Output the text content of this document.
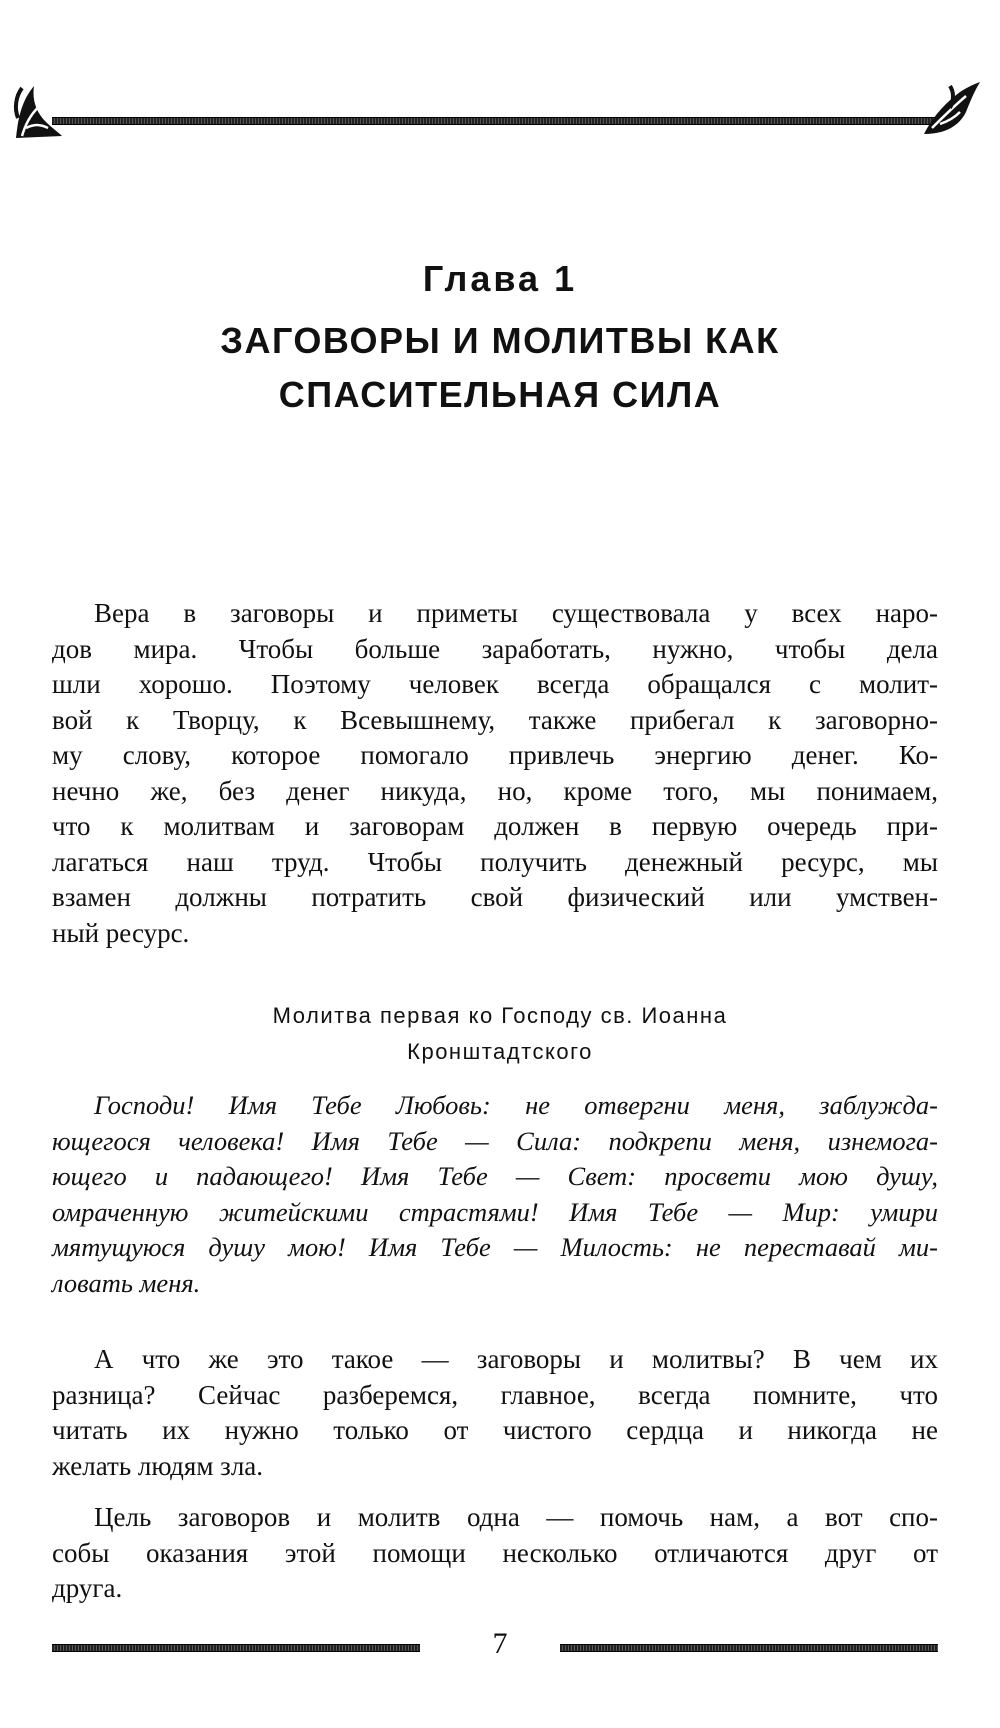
Глава 1
ЗАГОВОРЫ И МОЛИТВЫ КАК
СПАСИТЕЛЬНАЯ СИЛА
Вера в заговоры и приметы существовала у всех наро-
дов мира. Чтобы больше заработать, нужно, чтобы дела
шли хорошо. Поэтому человек всегда обращался с молит-
вой к Творцу, к Всевышнему, также прибегал к заговорно-
му слову, которое помогало привлечь энергию денег. Ко-
нечно же, без денег никуда, но, кроме того, мы понимаем,
что к молитвам и заговорам должен в первую очередь при-
лагаться наш труд. Чтобы получить денежный ресурс, мы
взамен должны потратить свой физический или умствен-
ный ресурс.
Молитва первая ко Господу св. Иоанна
Кронштадтского
Господи! Имя Тебе Любовь: не отвергни меня, заблужда-
ющегося человека! Имя Тебе — Сила: подкрепи меня, изнемога-
ющего и падающего! Имя Тебе — Свет: просвети мою душу,
омраченную житейскими страстями! Имя Тебе — Мир: умири
мятущуюся душу мою! Имя Тебе — Милость: не переставай ми-
ловать меня.
А что же это такое — заговоры и молитвы? В чем их
разница? Сейчас разберемся, главное, всегда помните, что
читать их нужно только от чистого сердца и никогда не
желать людям зла.
Цель заговоров и молитв одна — помочь нам, а вот спо-
собы оказания этой помощи несколько отличаются друг от
друга.
7
